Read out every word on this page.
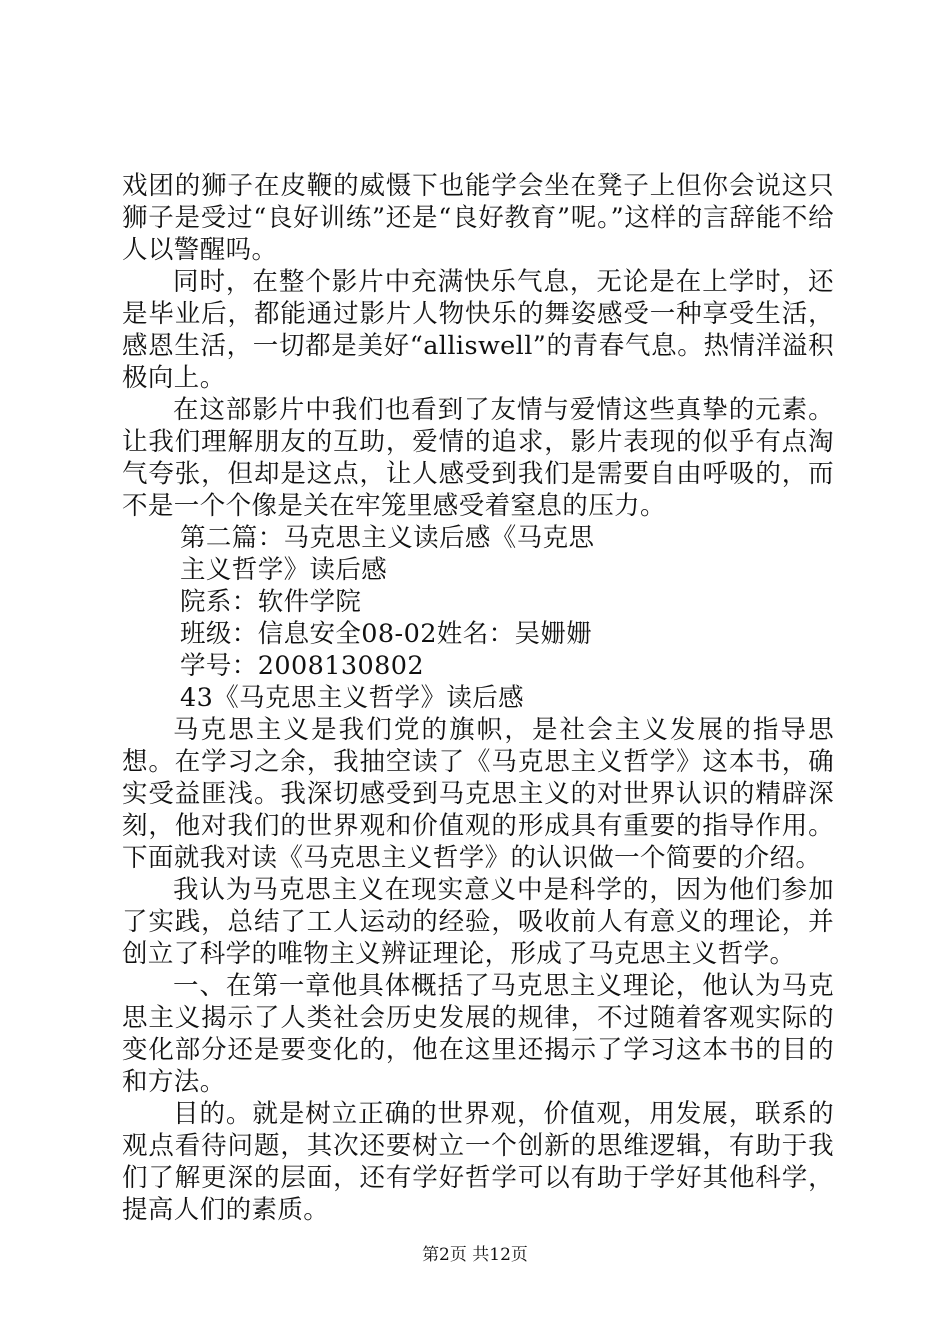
戏团的狮子在皮鞭的威慑下也能学会坐在凳子上但你会说这只狮子是受过“良好训练”还是“良好教育”呢。”这样的言辞能不给人以警醒吗。

同时，在整个影片中充满快乐气息，无论是在上学时，还是毕业后，都能通过影片人物快乐的舞姿感受一种享受生活，感恩生活，一切都是美好“alliswell”的青春气息。热情洋溢积极向上。

在这部影片中我们也看到了友情与爱情这些真挚的元素。让我们理解朋友的互助，爱情的追求，影片表现的似乎有点淘气夸张，但却是这点，让人感受到我们是需要自由呼吸的，而不是一个个像是关在牢笼里感受着窒息的压力。

第二篇：马克思主义读后感《马克思

主义哲学》读后感

院系：软件学院

班级：信息安全08-02姓名：吴姗姗

学号：2008130802

43《马克思主义哲学》读后感

马克思主义是我们党的旗帜，是社会主义发展的指导思想。在学习之余，我抽空读了《马克思主义哲学》这本书，确实受益匪浅。我深切感受到马克思主义的对世界认识的精辟深刻，他对我们的世界观和价值观的形成具有重要的指导作用。下面就我对读《马克思主义哲学》的认识做一个简要的介绍。

我认为马克思主义在现实意义中是科学的，因为他们参加了实践，总结了工人运动的经验，吸收前人有意义的理论，并创立了科学的唯物主义辨证理论，形成了马克思主义哲学。

一、在第一章他具体概括了马克思主义理论，他认为马克思主义揭示了人类社会历史发展的规律，不过随着客观实际的变化部分还是要变化的，他在这里还揭示了学习这本书的目的和方法。

目的。就是树立正确的世界观，价值观，用发展，联系的观点看待问题，其次还要树立一个创新的思维逻辑，有助于我们了解更深的层面，还有学好哲学可以有助于学好其他科学，提高人们的素质。

第2页 共12页
